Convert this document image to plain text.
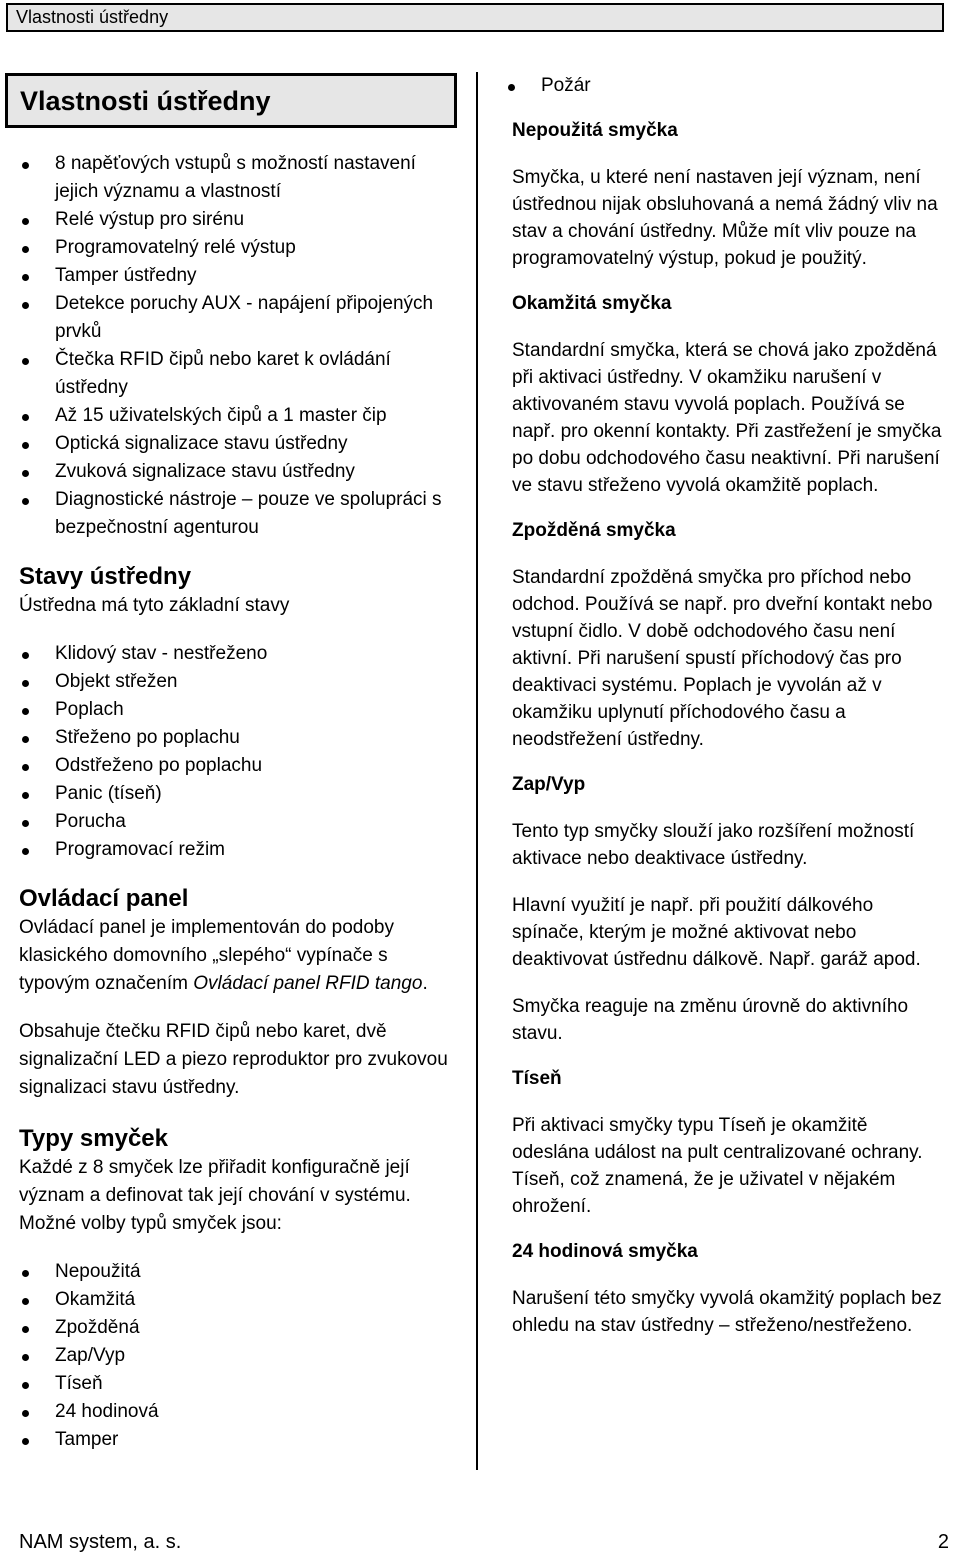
Vlastnosti ústředny
Vlastnosti ústředny
8 napěťových vstupů s možností nastavení jejich významu a vlastností
Relé výstup pro sirénu
Programovatelný relé výstup
Tamper ústředny
Detekce poruchy AUX - napájení připojených prvků
Čtečka RFID čipů nebo karet k ovládání ústředny
Až 15 uživatelských čipů a 1 master čip
Optická signalizace stavu ústředny
Zvuková signalizace stavu ústředny
Diagnostické nástroje – pouze ve spolupráci s bezpečnostní agenturou
Stavy ústředny

Ústředna má tyto základní stavy

Klidový stav - nestřeženo
Objekt střežen
Poplach
Střeženo po poplachu
Odstřeženo po poplachu
Panic (tíseň)
Porucha
Programovací režim
Ovládací panel

Ovládací panel je implementován do podoby klasického domovního „slepého“ vypínače s typovým označením Ovládací panel RFID tango.

Obsahuje čtečku RFID čipů nebo karet, dvě signalizační LED a piezo reproduktor pro zvukovou signalizaci stavu ústředny.

Typy smyček

Každé z 8 smyček lze přiřadit konfiguračně její význam a definovat tak její chování v systému. Možné volby typů smyček jsou:

Nepoužitá
Okamžitá
Zpožděná
Zap/Vyp
Tíseň
24 hodinová
Tamper
Požár
Nepoužitá smyčka

Smyčka, u které není nastaven její význam, není ústřednou nijak obsluhovaná a nemá žádný vliv na stav a chování ústředny. Může mít vliv pouze na programovatelný výstup, pokud je použitý.

Okamžitá smyčka

Standardní smyčka, která se chová jako zpožděná při aktivaci ústředny. V okamžiku narušení v aktivovaném stavu vyvolá poplach. Používá se např. pro okenní kontakty. Při zastřežení je smyčka po dobu odchodového času neaktivní. Při narušení ve stavu střeženo vyvolá okamžitě poplach.

Zpožděná smyčka

Standardní zpožděná smyčka pro příchod nebo odchod. Používá se např. pro dveřní kontakt nebo vstupní čidlo. V době odchodového času není aktivní. Při narušení spustí příchodový čas pro deaktivaci systému. Poplach je vyvolán až v okamžiku uplynutí příchodového času a neodstřežení ústředny.

Zap/Vyp

Tento typ smyčky slouží jako rozšíření možností aktivace nebo deaktivace ústředny.

Hlavní využití je např. při použití dálkového spínače, kterým je možné aktivovat nebo deaktivovat ústřednu dálkově. Např. garáž apod.

Smyčka reaguje na změnu úrovně do aktivního stavu.

Tíseň

Při aktivaci smyčky typu Tíseň je okamžitě odeslána událost na pult centralizované ochrany. Tíseň, což znamená, že je uživatel v nějakém ohrožení.

24 hodinová smyčka

Narušení této smyčky vyvolá okamžitý poplach bez ohledu na stav ústředny – střeženo/nestřeženo.

NAM system, a. s.	2
